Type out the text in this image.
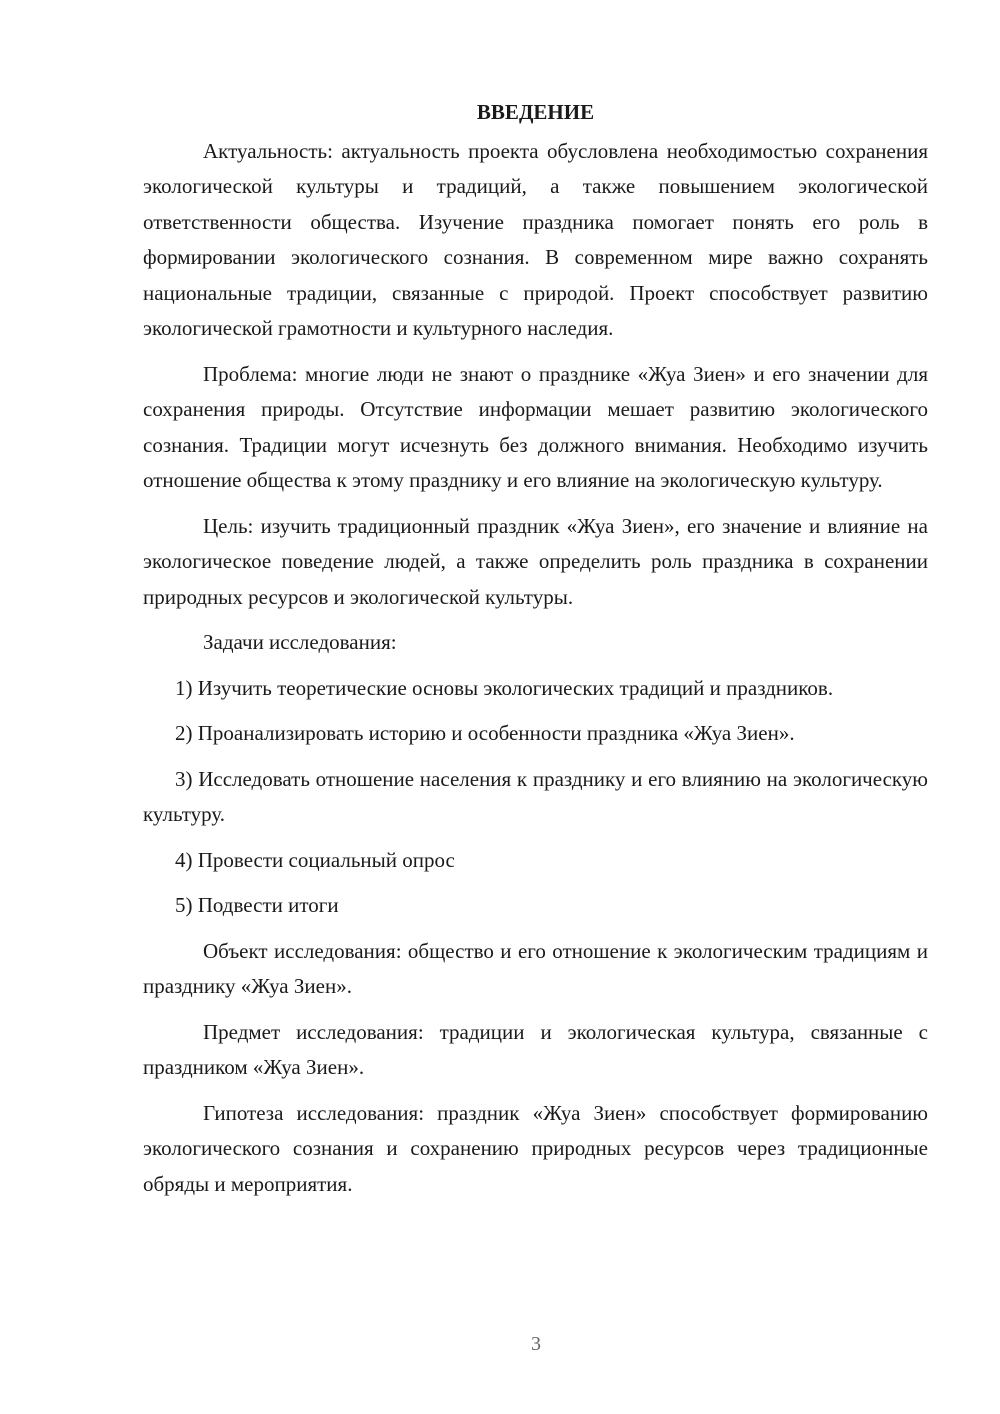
ВВЕДЕНИЕ

Актуальность: актуальность проекта обусловлена необходимостью сохранения экологической культуры и традиций, а также повышением экологической ответственности общества. Изучение праздника помогает понять его роль в формировании экологического сознания. В современном мире важно сохранять национальные традиции, связанные с природой. Проект способствует развитию экологической грамотности и культурного наследия.

Проблема: многие люди не знают о празднике «Жуа Зиен» и его значении для сохранения природы. Отсутствие информации мешает развитию экологического сознания. Традиции могут исчезнуть без должного внимания. Необходимо изучить отношение общества к этому празднику и его влияние на экологическую культуру.

Цель: изучить традиционный праздник «Жуа Зиен», его значение и влияние на экологическое поведение людей, а также определить роль праздника в сохранении природных ресурсов и экологической культуры.

Задачи исследования:

1) Изучить теоретические основы экологических традиций и праздников.

2) Проанализировать историю и особенности праздника «Жуа Зиен».

3) Исследовать отношение населения к празднику и его влиянию на экологическую культуру.

4) Провести социальный опрос

5) Подвести итоги

Объект исследования: общество и его отношение к экологическим традициям и празднику «Жуа Зиен».

Предмет исследования: традиции и экологическая культура, связанные с праздником «Жуа Зиен».

Гипотеза исследования: праздник «Жуа Зиен» способствует формированию экологического сознания и сохранению природных ресурсов через традиционные обряды и мероприятия.

3
